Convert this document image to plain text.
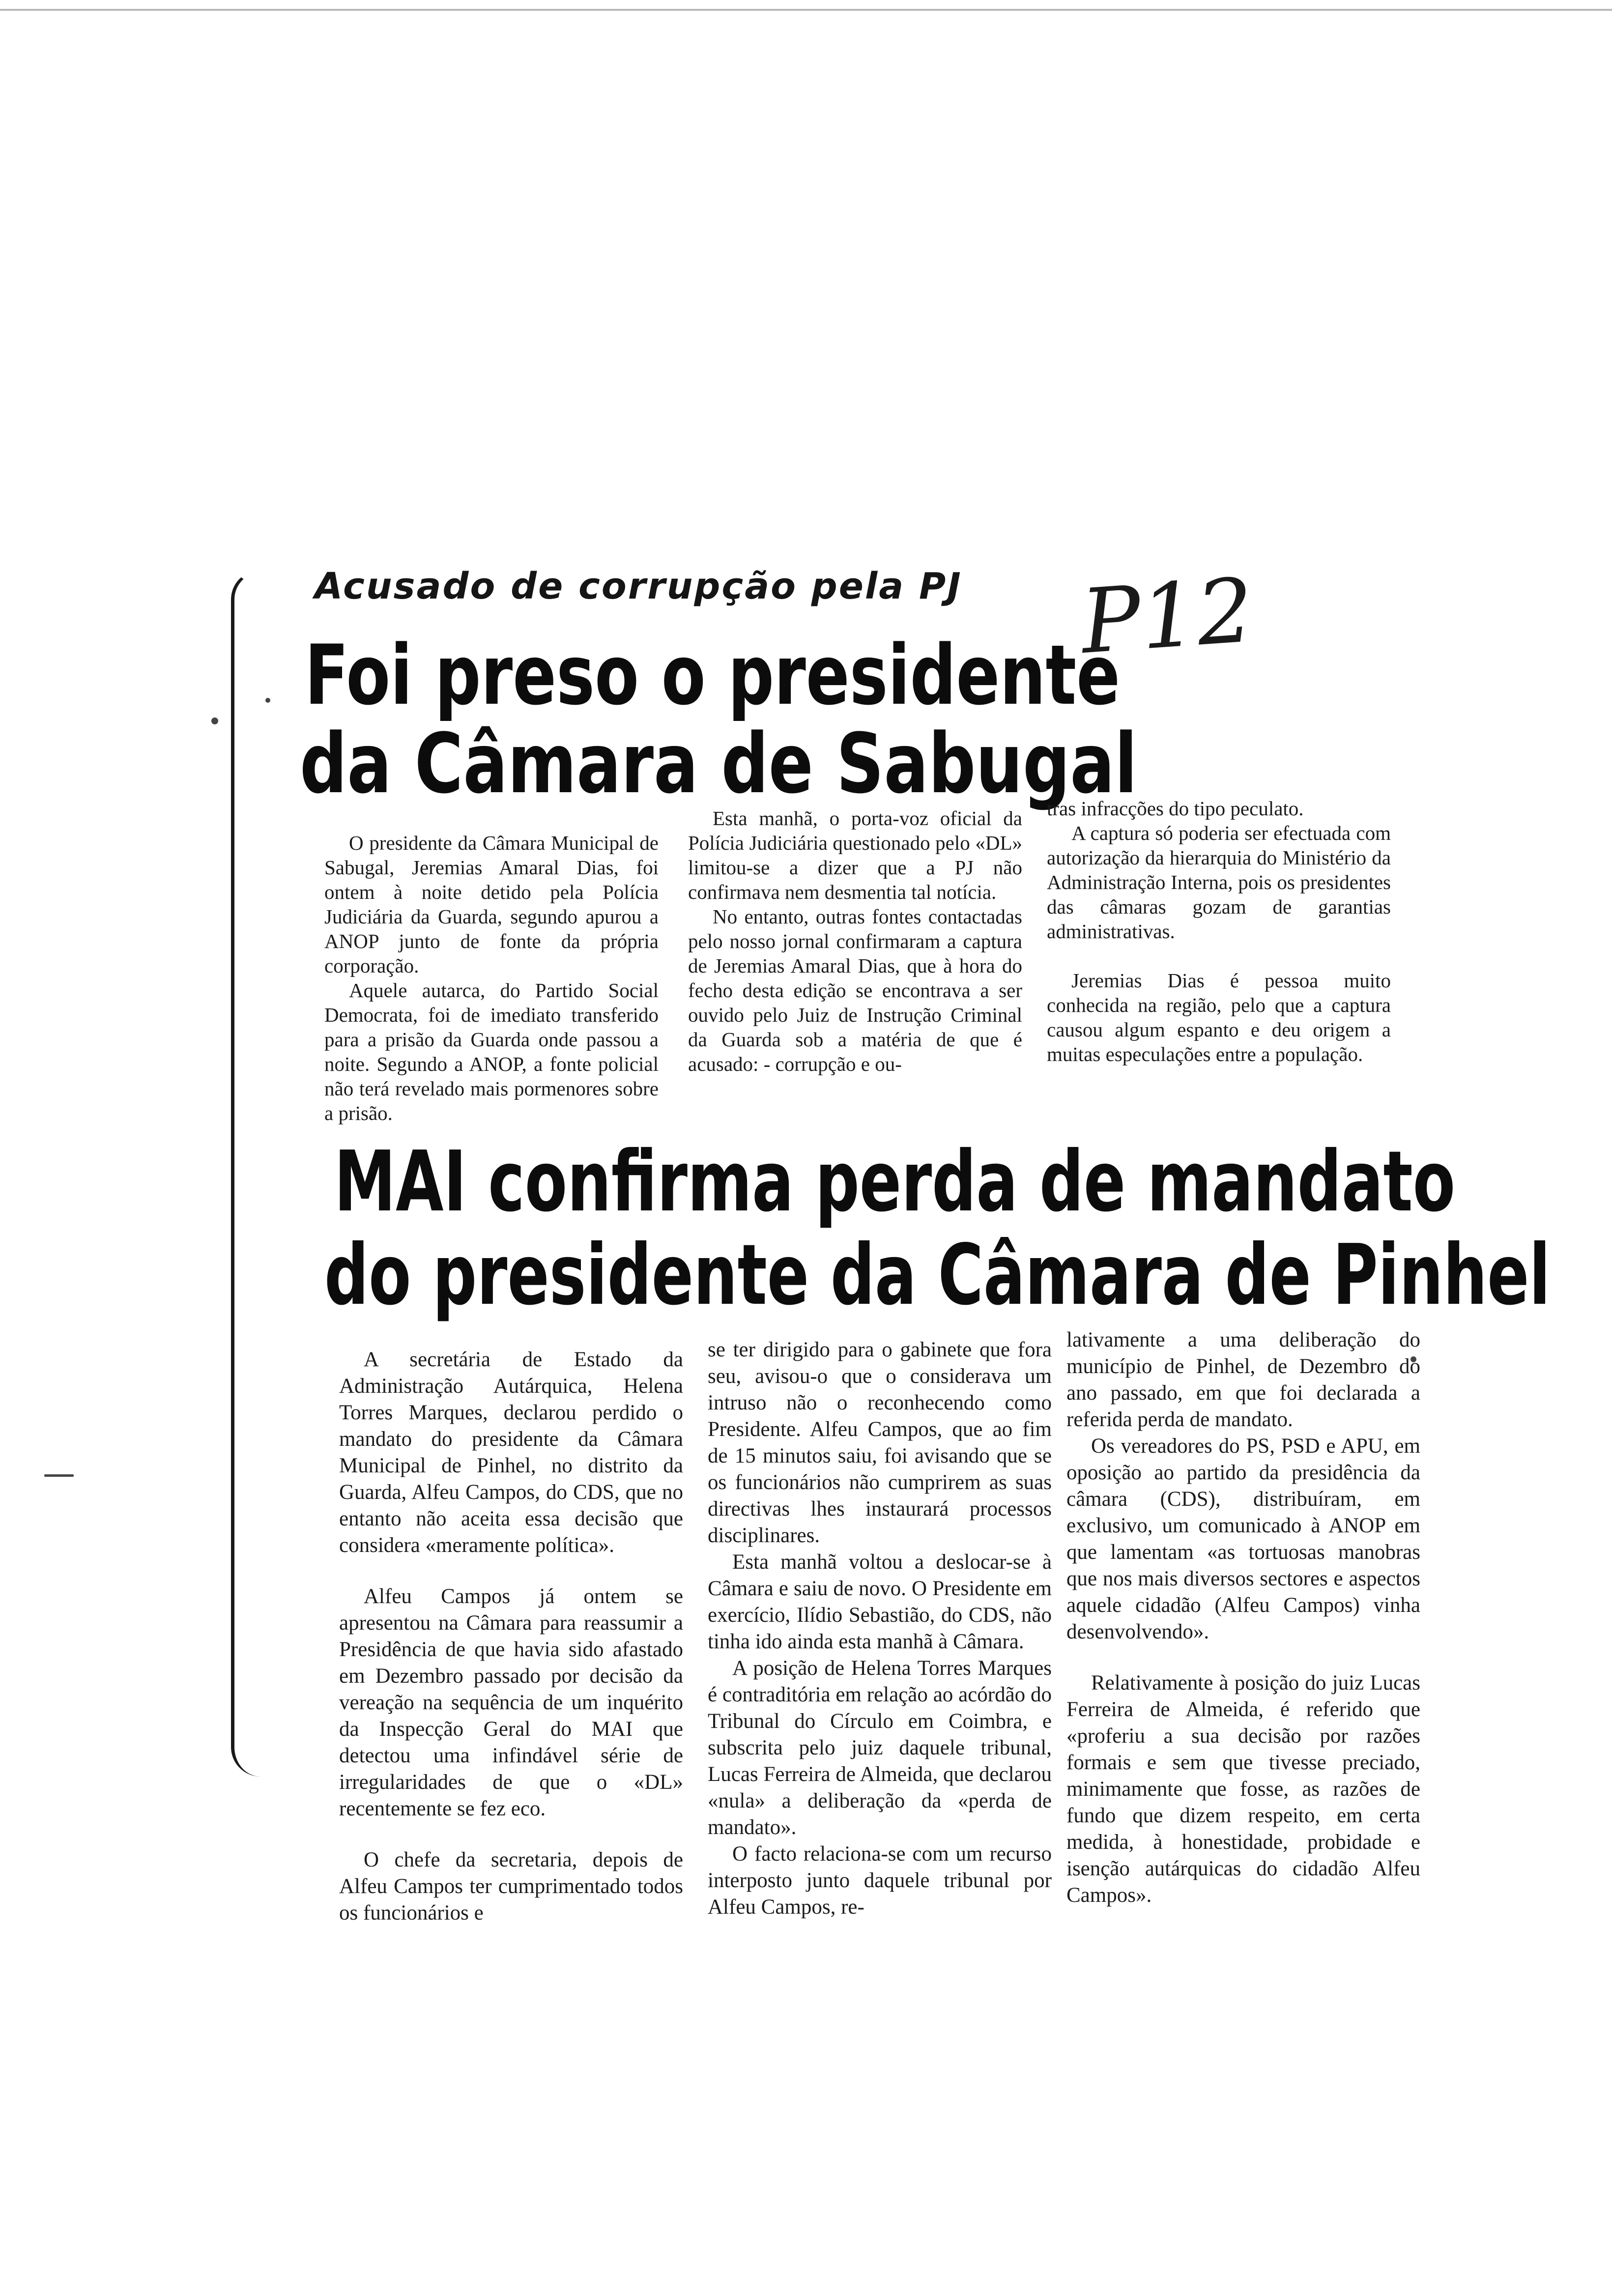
Acusado de corrupção pela PJ
Foi preso o presidente
da Câmara de Sabugal
P12

O presidente da Câmara Municipal de Sabugal, Jeremias Amaral Dias, foi ontem à noite detido pela Polícia Judiciária da Guarda, segundo apurou a ANOP junto de fonte da própria corporação.

Aquele autarca, do Partido Social Democrata, foi de imediato transferido para a prisão da Guarda onde passou a noite. Segundo a ANOP, a fonte policial não terá revelado mais pormenores sobre a prisão.

Esta manhã, o porta-voz oficial da Polícia Judiciária questionado pelo «DL» limitou-se a dizer que a PJ não confirmava nem desmentia tal notícia.

No entanto, outras fontes contactadas pelo nosso jornal confirmaram a captura de Jeremias Amaral Dias, que à hora do fecho desta edição se encontrava a ser ouvido pelo Juiz de Instrução Criminal da Guarda sob a matéria de que é acusado: - corrupção e ou-

tras infracções do tipo peculato.

A captura só poderia ser efectuada com autorização da hierarquia do Ministério da Administração Interna, pois os presidentes das câmaras gozam de garantias administrativas.

Jeremias Dias é pessoa muito conhecida na região, pelo que a captura causou algum espanto e deu origem a muitas especulações entre a população.

MAI confirma perda de mandato
do presidente da Câmara de Pinhel

A secretária de Estado da Administração Autárquica, Helena Torres Marques, declarou perdido o mandato do presidente da Câmara Municipal de Pinhel, no distrito da Guarda, Alfeu Campos, do CDS, que no entanto não aceita essa decisão que considera «meramente política».

Alfeu Campos já ontem se apresentou na Câmara para reassumir a Presidência de que havia sido afastado em Dezembro passado por decisão da vereação na sequência de um inquérito da Inspecção Geral do MAI que detectou uma infindável série de irregularidades de que o «DL» recentemente se fez eco.

O chefe da secretaria, depois de Alfeu Campos ter cumprimentado todos os funcionários e

se ter dirigido para o gabinete que fora seu, avisou-o que o considerava um intruso não o reconhecendo como Presidente. Alfeu Campos, que ao fim de 15 minutos saiu, foi avisando que se os funcionários não cumprirem as suas directivas lhes instaurará processos disciplinares.

Esta manhã voltou a deslocar-se à Câmara e saiu de novo. O Presidente em exercício, Ilídio Sebastião, do CDS, não tinha ido ainda esta manhã à Câmara.

A posição de Helena Torres Marques é contraditória em relação ao acórdão do Tribunal do Círculo em Coimbra, e subscrita pelo juiz daquele tribunal, Lucas Ferreira de Almeida, que declarou «nula» a deliberação da «perda de mandato».

O facto relaciona-se com um recurso interposto junto daquele tribunal por Alfeu Campos, re-

lativamente a uma deliberação do município de Pinhel, de Dezembro do ano passado, em que foi declarada a referida perda de mandato.

Os vereadores do PS, PSD e APU, em oposição ao partido da presidência da câmara (CDS), distribuíram, em exclusivo, um comunicado à ANOP em que lamentam «as tortuosas manobras que nos mais diversos sectores e aspectos aquele cidadão (Alfeu Campos) vinha desenvolvendo».

Relativamente à posição do juiz Lucas Ferreira de Almeida, é referido que «proferiu a sua decisão por razões formais e sem que tivesse preciado, minimamente que fosse, as razões de fundo que dizem respeito, em certa medida, à honestidade, probidade e isenção autárquicas do cidadão Alfeu Campos».
